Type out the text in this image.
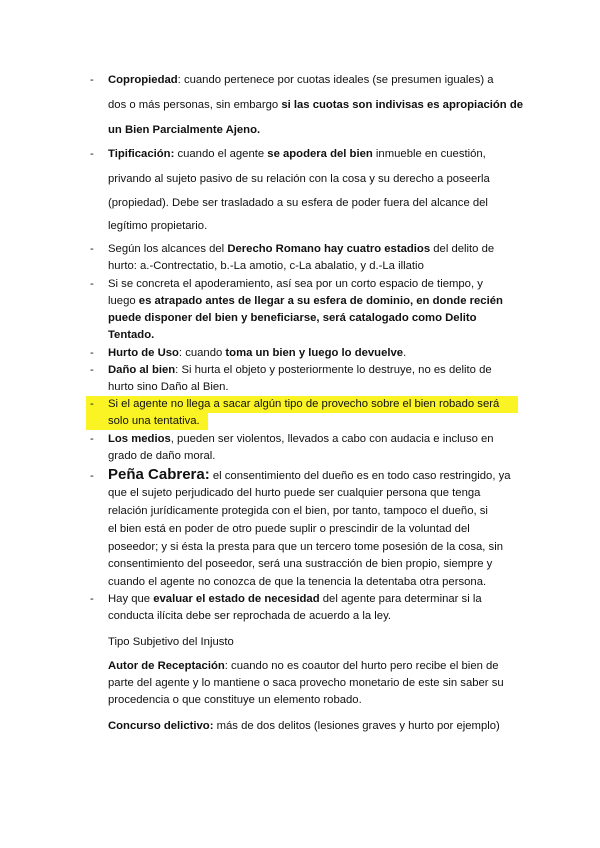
- Copropiedad: cuando pertenece por cuotas ideales (se presumen iguales) a
dos o más personas, sin embargo si las cuotas son indivisas es apropiación de
un Bien Parcialmente Ajeno.
- Tipificación: cuando el agente se apodera del bien inmueble en cuestión,
privando al sujeto pasivo de su relación con la cosa y su derecho a poseerla
(propiedad). Debe ser trasladado a su esfera de poder fuera del alcance del
legítimo propietario.
- Según los alcances del Derecho Romano hay cuatro estadios del delito de
hurto: a.-Contrectatio, b.-La amotio, c-La abalatio, y d.-La illatio
- Si se concreta el apoderamiento, así sea por un corto espacio de tiempo, y
luego es atrapado antes de llegar a su esfera de dominio, en donde recién
puede disponer del bien y beneficiarse, será catalogado como Delito
Tentado.
- Hurto de Uso: cuando toma un bien y luego lo devuelve.
- Daño al bien: Si hurta el objeto y posteriormente lo destruye, no es delito de
hurto sino Daño al Bien.
- Si el agente no llega a sacar algún tipo de provecho sobre el bien robado será
solo una tentativa.
- Los medios, pueden ser violentos, llevados a cabo con audacia e incluso en
grado de daño moral.
- Peña Cabrera: el consentimiento del dueño es en todo caso restringido, ya
que el sujeto perjudicado del hurto puede ser cualquier persona que tenga
relación jurídicamente protegida con el bien, por tanto, tampoco el dueño, si
el bien está en poder de otro puede suplir o prescindir de la voluntad del
poseedor; y si ésta la presta para que un tercero tome posesión de la cosa, sin
consentimiento del poseedor, será una sustracción de bien propio, siempre y
cuando el agente no conozca de que la tenencia la detentaba otra persona.
- Hay que evaluar el estado de necesidad del agente para determinar si la
conducta ilícita debe ser reprochada de acuerdo a la ley.
Tipo Subjetivo del Injusto
Autor de Receptación: cuando no es coautor del hurto pero recibe el bien de
parte del agente y lo mantiene o saca provecho monetario de este sin saber su
procedencia o que constituye un elemento robado.
Concurso delictivo: más de dos delitos (lesiones graves y hurto por ejemplo)
